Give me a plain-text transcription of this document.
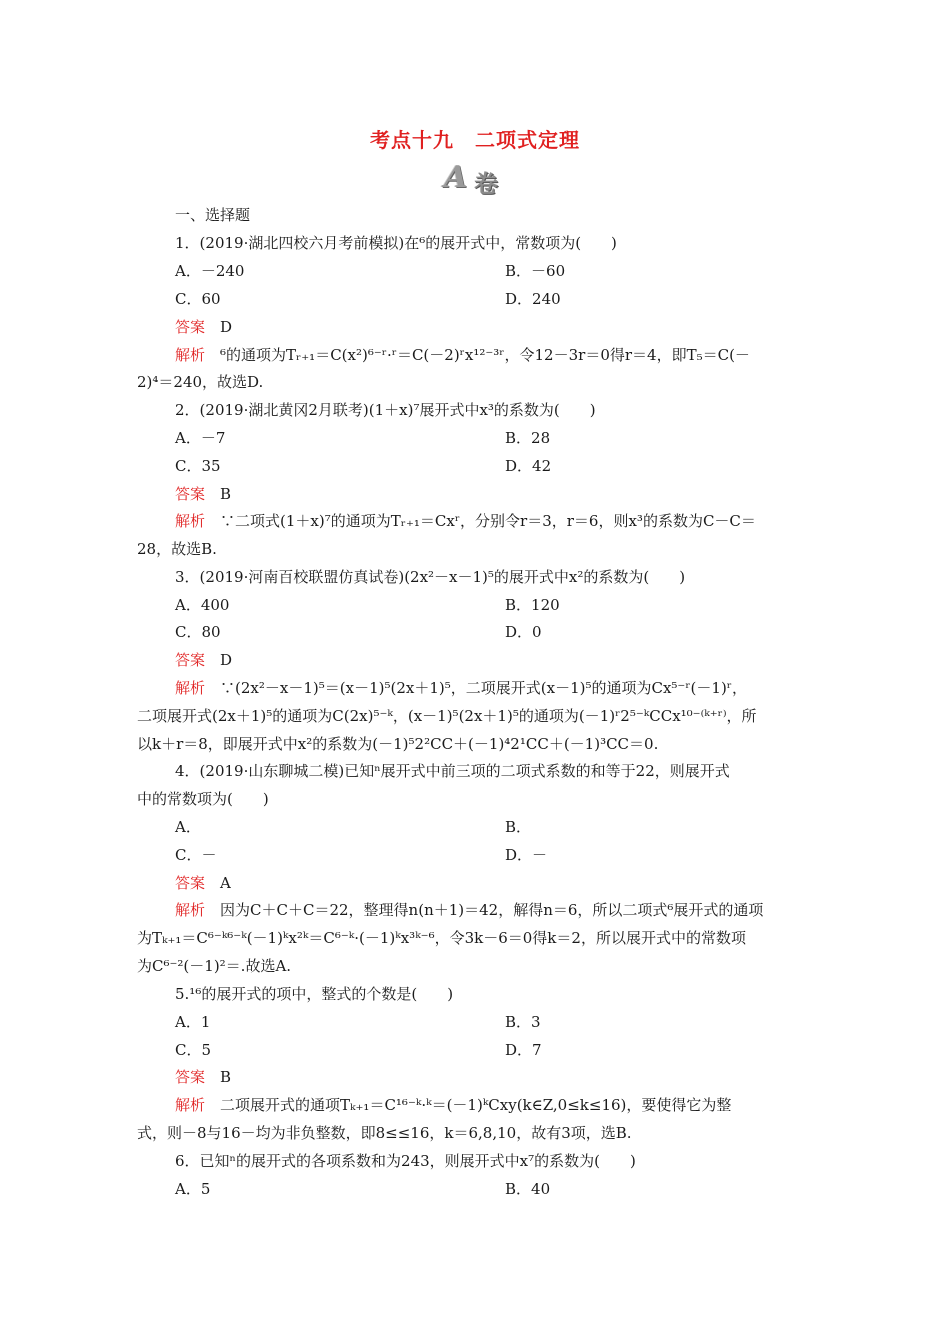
考点十九　二项式定理
A 卷
一、选择题
1．(2019·湖北四校六月考前模拟)在⁶的展开式中，常数项为(　　)
A．－240	B．－60
C．60	D．240
答案　 D
解析　 ⁶的通项为Tᵣ₊₁＝C(x²)⁶⁻ʳ·ʳ＝C(－2)ʳx¹²⁻³ʳ，令12－3r＝0得r＝4，即T₅＝C(－
2)⁴＝240，故选D.
2．(2019·湖北黄冈2月联考)(1＋x)⁷展开式中x³的系数为(　　)
A．－7	B．28
C．35	D．42
答案　 B
解析　 ∵二项式(1＋x)⁷的通项为Tᵣ₊₁＝Cxʳ，分别令r＝3，r＝6，则x³的系数为C－C＝
28，故选B.
3．(2019·河南百校联盟仿真试卷)(2x²－x－1)⁵的展开式中x²的系数为(　　)
A．400	B．120
C．80	D．0
答案　 D
解析　 ∵(2x²－x－1)⁵＝(x－1)⁵(2x＋1)⁵，二项展开式(x－1)⁵的通项为Cx⁵⁻ʳ(－1)ʳ，
二项展开式(2x＋1)⁵的通项为C(2x)⁵⁻ᵏ，(x－1)⁵(2x＋1)⁵的通项为(－1)ʳ2⁵⁻ᵏCCx¹⁰⁻⁽ᵏ⁺ʳ⁾，所
以k＋r＝8，即展开式中x²的系数为(－1)⁵2²CC＋(－1)⁴2¹CC＋(－1)³CC＝0.
4．(2019·山东聊城二模)已知ⁿ展开式中前三项的二项式系数的和等于22，则展开式
中的常数项为(　　)
A．	B．
C．－	D．－
答案　 A
解析　 因为C＋C＋C＝22，整理得n(n＋1)＝42，解得n＝6，所以二项式⁶展开式的通项
为Tₖ₊₁＝C⁶⁻ᵏ⁶⁻ᵏ(－1)ᵏx²ᵏ＝C⁶⁻ᵏ·(－1)ᵏx³ᵏ⁻⁶，令3k－6＝0得k＝2，所以展开式中的常数项
为C⁶⁻²(－1)²＝.故选A.
5.¹⁶的展开式的项中，整式的个数是(　　)
A．1	B．3
C．5	D．7
答案　 B
解析　 二项展开式的通项Tₖ₊₁＝C¹⁶⁻ᵏ·ᵏ＝(－1)ᵏCxy(k∈Z,0≤k≤16)，要使得它为整
式，则－8与16－均为非负整数，即8≤≤16，k＝6,8,10，故有3项，选B.
6．已知ⁿ的展开式的各项系数和为243，则展开式中x⁷的系数为(　　)
A．5	B．40
